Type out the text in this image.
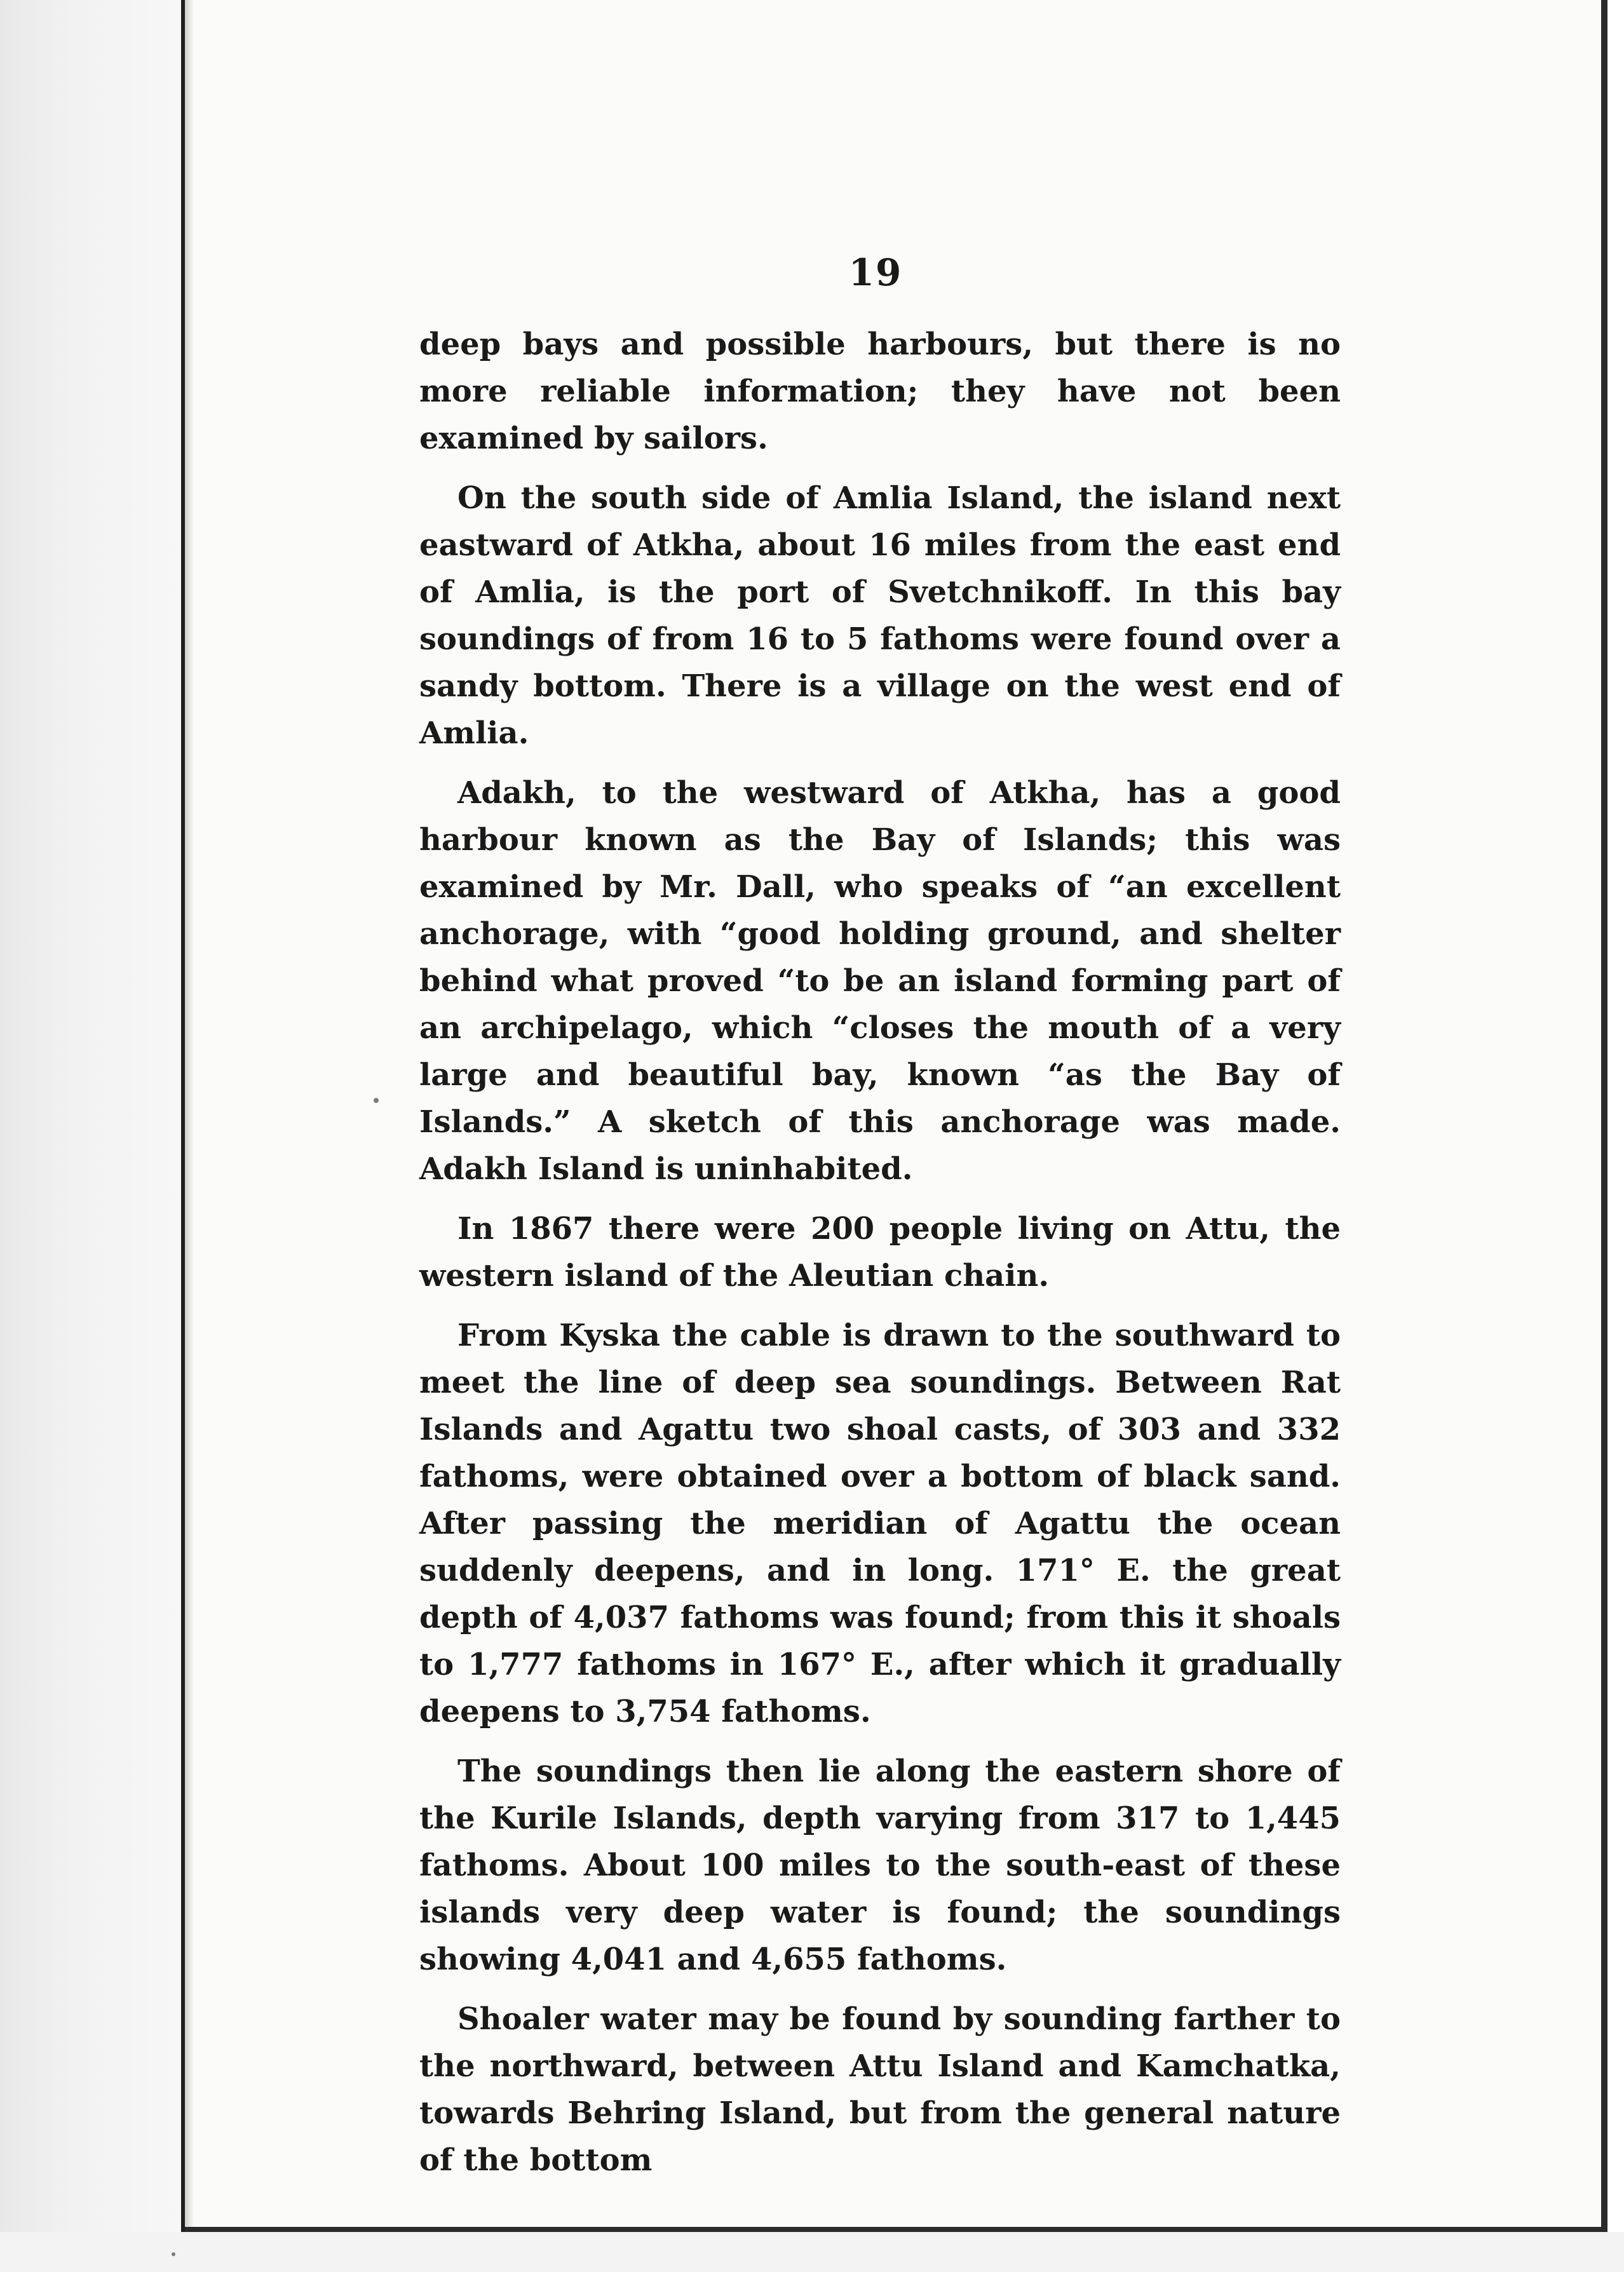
19

deep bays and possible harbours, but there is no more reliable information; they have not been examined by sailors.

On the south side of Amlia Island, the island next eastward of Atkha, about 16 miles from the east end of Amlia, is the port of Svetchnikoff. In this bay soundings of from 16 to 5 fathoms were found over a sandy bottom. There is a village on the west end of Amlia.

Adakh, to the westward of Atkha, has a good harbour known as the Bay of Islands; this was examined by Mr. Dall, who speaks of “an excellent anchorage, with “good holding ground, and shelter behind what proved “to be an island forming part of an archipelago, which “closes the mouth of a very large and beautiful bay, known “as the Bay of Islands.” A sketch of this anchorage was made. Adakh Island is uninhabited.

In 1867 there were 200 people living on Attu, the western island of the Aleutian chain.

From Kyska the cable is drawn to the southward to meet the line of deep sea soundings. Between Rat Islands and Agattu two shoal casts, of 303 and 332 fathoms, were obtained over a bottom of black sand. After passing the meridian of Agattu the ocean suddenly deepens, and in long. 171° E. the great depth of 4,037 fathoms was found; from this it shoals to 1,777 fathoms in 167° E., after which it gradually deepens to 3,754 fathoms.

The soundings then lie along the eastern shore of the Kurile Islands, depth varying from 317 to 1,445 fathoms. About 100 miles to the south-east of these islands very deep water is found; the soundings showing 4,041 and 4,655 fathoms.

Shoaler water may be found by sounding farther to the northward, between Attu Island and Kamchatka, towards Behring Island, but from the general nature of the bottom
